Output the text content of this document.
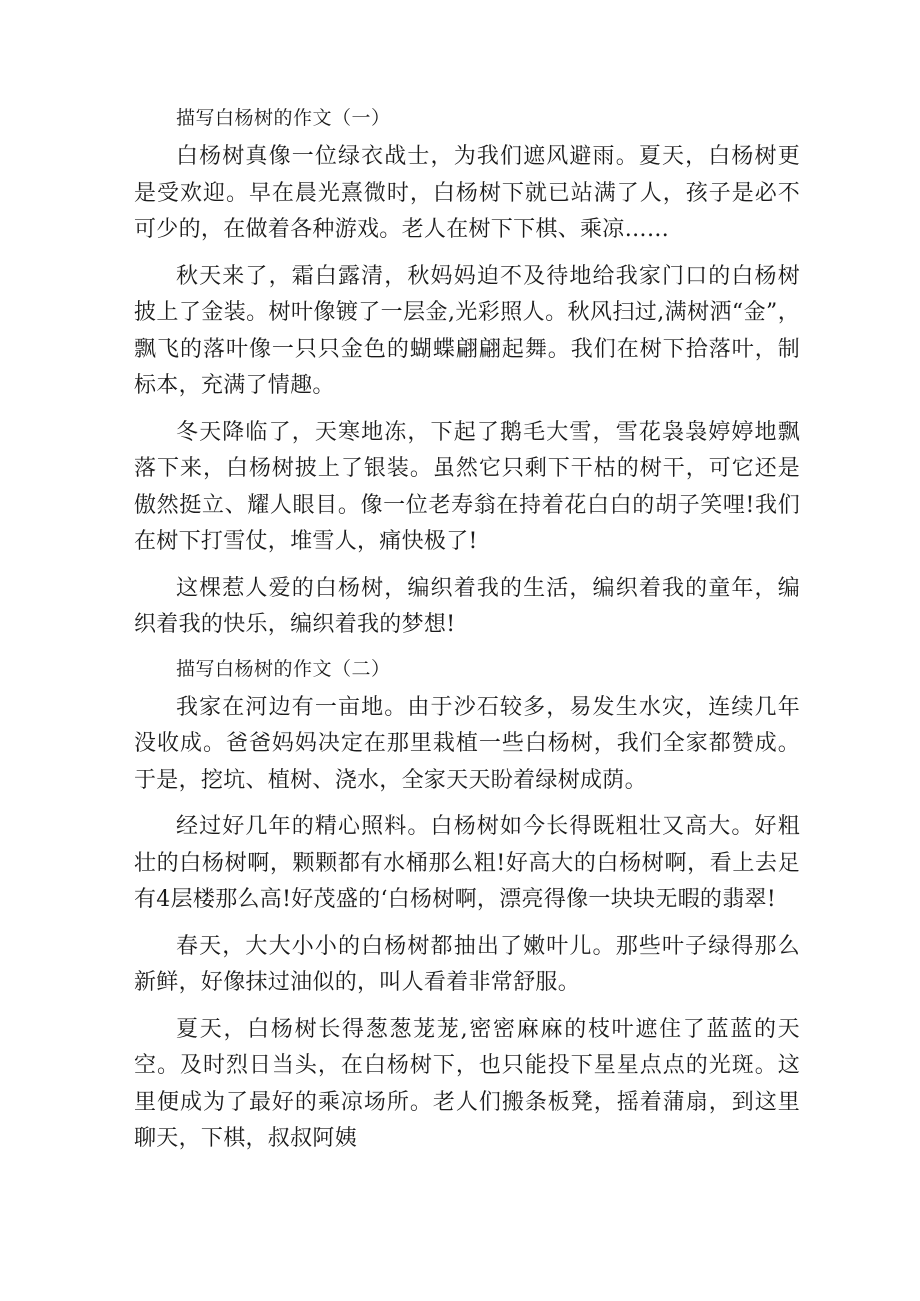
描写白杨树的作文（一）

白杨树真像一位绿衣战士，为我们遮风避雨。夏天，白杨树更是受欢迎。早在晨光熹微时，白杨树下就已站满了人，孩子是必不可少的，在做着各种游戏。老人在树下下棋、乘凉……

秋天来了，霜白露清，秋妈妈迫不及待地给我家门口的白杨树披上了金装。树叶像镀了一层金,光彩照人。秋风扫过,满树洒“金”，飘飞的落叶像一只只金色的蝴蝶翩翩起舞。我们在树下拾落叶，制标本，充满了情趣。

冬天降临了，天寒地冻，下起了鹅毛大雪，雪花袅袅婷婷地飘落下来，白杨树披上了银装。虽然它只剩下干枯的树干，可它还是傲然挺立、耀人眼目。像一位老寿翁在持着花白白的胡子笑哩!我们在树下打雪仗，堆雪人，痛快极了!

这棵惹人爱的白杨树，编织着我的生活，编织着我的童年，编织着我的快乐，编织着我的梦想!

描写白杨树的作文（二）

我家在河边有一亩地。由于沙石较多，易发生水灾，连续几年没收成。爸爸妈妈决定在那里栽植一些白杨树，我们全家都赞成。于是，挖坑、植树、浇水，全家天天盼着绿树成荫。

经过好几年的精心照料。白杨树如今长得既粗壮又高大。好粗壮的白杨树啊，颗颗都有水桶那么粗!好高大的白杨树啊，看上去足有4层楼那么高!好茂盛的‘白杨树啊，漂亮得像一块块无暇的翡翠!

春天，大大小小的白杨树都抽出了嫩叶儿。那些叶子绿得那么新鲜，好像抹过油似的，叫人看着非常舒服。

夏天，白杨树长得葱葱茏茏,密密麻麻的枝叶遮住了蓝蓝的天空。及时烈日当头，在白杨树下，也只能投下星星点点的光斑。这里便成为了最好的乘凉场所。老人们搬条板凳，摇着蒲扇，到这里聊天，下棋，叔叔阿姨
